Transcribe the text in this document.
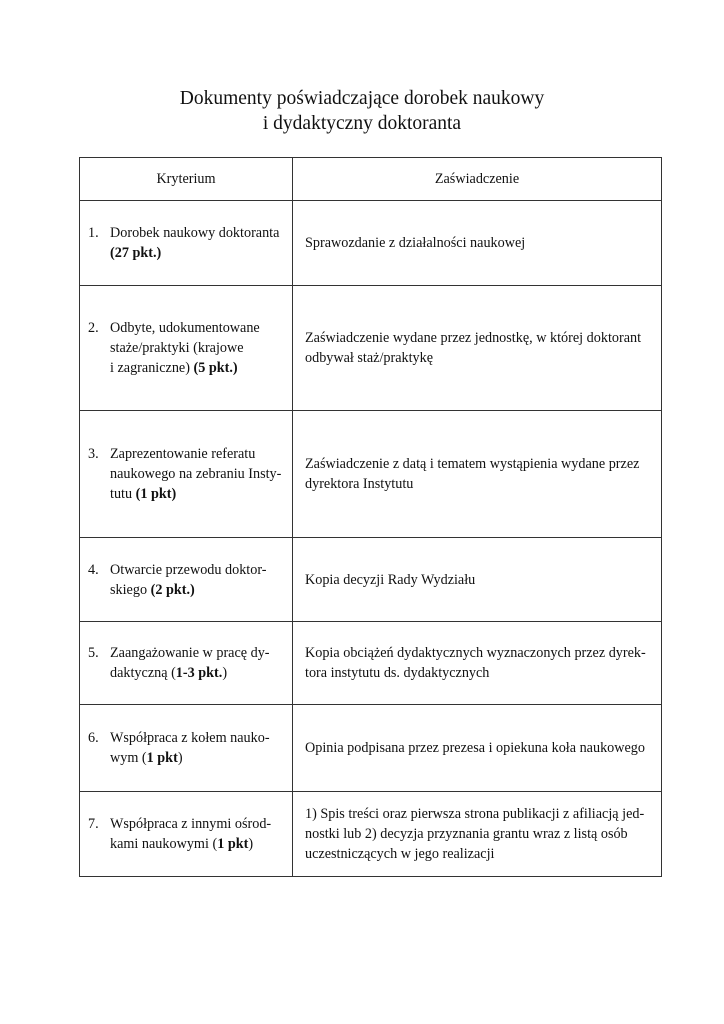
Dokumenty poświadczające dorobek naukowy
i dydaktyczny doktoranta
Kryterium	Zaświadczenie

1. Dorobek naukowy doktoranta
(27 pkt.)	Sprawozdanie z działalności naukowej

2. Odbyte, udokumentowane
staże/praktyki (krajowe
i zagraniczne) (5 pkt.)	Zaświadczenie wydane przez jednostkę, w której doktorant
odbywał staż/praktykę

3. Zaprezentowanie referatu
naukowego na zebraniu Insty-
tutu (1 pkt)	Zaświadczenie z datą i tematem wystąpienia wydane przez
dyrektora Instytutu

4. Otwarcie przewodu doktor-
skiego (2 pkt.)	Kopia decyzji Rady Wydziału

5. Zaangażowanie w pracę dy-
daktyczną (1-3 pkt.)	Kopia obciążeń dydaktycznych wyznaczonych przez dyrek-
tora instytutu ds. dydaktycznych

6. Współpraca z kołem nauko-
wym (1 pkt)	Opinia podpisana przez prezesa i opiekuna koła naukowego

7. Współpraca z innymi ośrod-
kami naukowymi (1 pkt)	1) Spis treści oraz pierwsza strona publikacji z afiliacją jed-
nostki lub 2) decyzja przyznania grantu wraz z listą osób
uczestniczących w jego realizacji
